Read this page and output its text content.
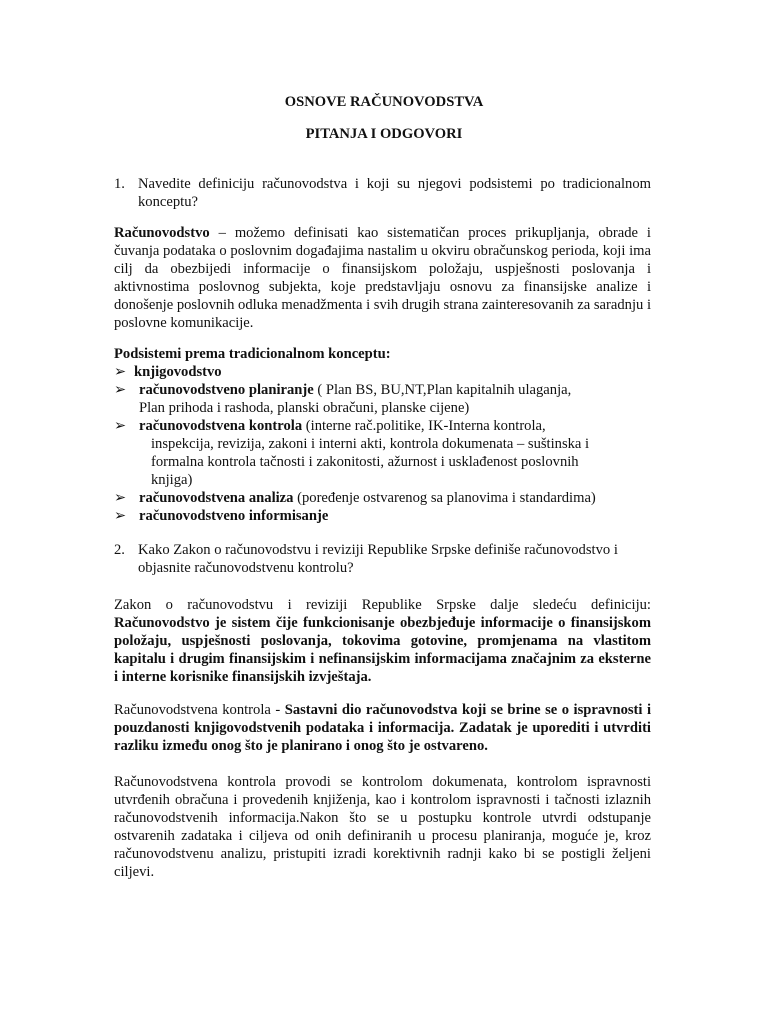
OSNOVE RAČUNOVODSTVA
PITANJA I ODGOVORI
1. Navedite definiciju računovodstva i koji su njegovi podsistemi po tradicionalnom konceptu?
Računovodstvo – možemo definisati kao sistematičan proces prikupljanja, obrade i čuvanja podataka o poslovnim događajima nastalim u okviru obračunskog perioda, koji ima cilj da obezbijedi informacije o finansijskom položaju, uspješnosti poslovanja i aktivnostima poslovnog subjekta, koje predstavljaju osnovu za finansijske analize i donošenje poslovnih odluka menadžmenta i svih drugih strana zainteresovanih za saradnju i poslovne komunikacije.
Podsistemi prema tradicionalnom konceptu:
➢ knjigovodstvo
➢ računovodstveno planiranje ( Plan BS, BU,NT,Plan kapitalnih ulaganja,
Plan prihoda i rashoda, planski obračuni, planske cijene)
➢ računovodstvena kontrola (interne rač.politike, IK-Interna kontrola,
inspekcija, revizija, zakoni i interni akti, kontrola dokumenata – suštinska i
formalna kontrola tačnosti i zakonitosti, ažurnost i usklađenost poslovnih
knjiga)
➢ računovodstvena analiza (poređenje ostvarenog sa planovima i standardima)
➢ računovodstveno informisanje
2. Kako Zakon o računovodstvu i reviziji Republike Srpske definiše računovodstvo i
objasnite računovodstvenu kontrolu?
Zakon o računovodstvu i reviziji Republike Srpske dalje sledeću definiciju: Računovodstvo je sistem čije funkcionisanje obezbjeđuje informacije o finansijskom položaju, uspješnosti poslovanja, tokovima gotovine, promjenama na vlastitom kapitalu i drugim finansijskim i nefinansijskim informacijama značajnim za eksterne i interne korisnike finansijskih izvještaja.
Računovodstvena kontrola - Sastavni dio računovodstva koji se brine se o ispravnosti i pouzdanosti knjigovodstvenih podataka i informacija. Zadatak je uporediti i utvrditi razliku između onog što je planirano i onog što je ostvareno.
Računovodstvena kontrola provodi se kontrolom dokumenata, kontrolom ispravnosti utvrđenih obračuna i provedenih knjiženja, kao i kontrolom ispravnosti i tačnosti izlaznih računovodstvenih informacija.Nakon što se u postupku kontrole utvrdi odstupanje ostvarenih zadataka i ciljeva od onih definiranih u procesu planiranja, moguće je, kroz računovodstvenu analizu, pristupiti izradi korektivnih radnji kako bi se postigli željeni ciljevi.
